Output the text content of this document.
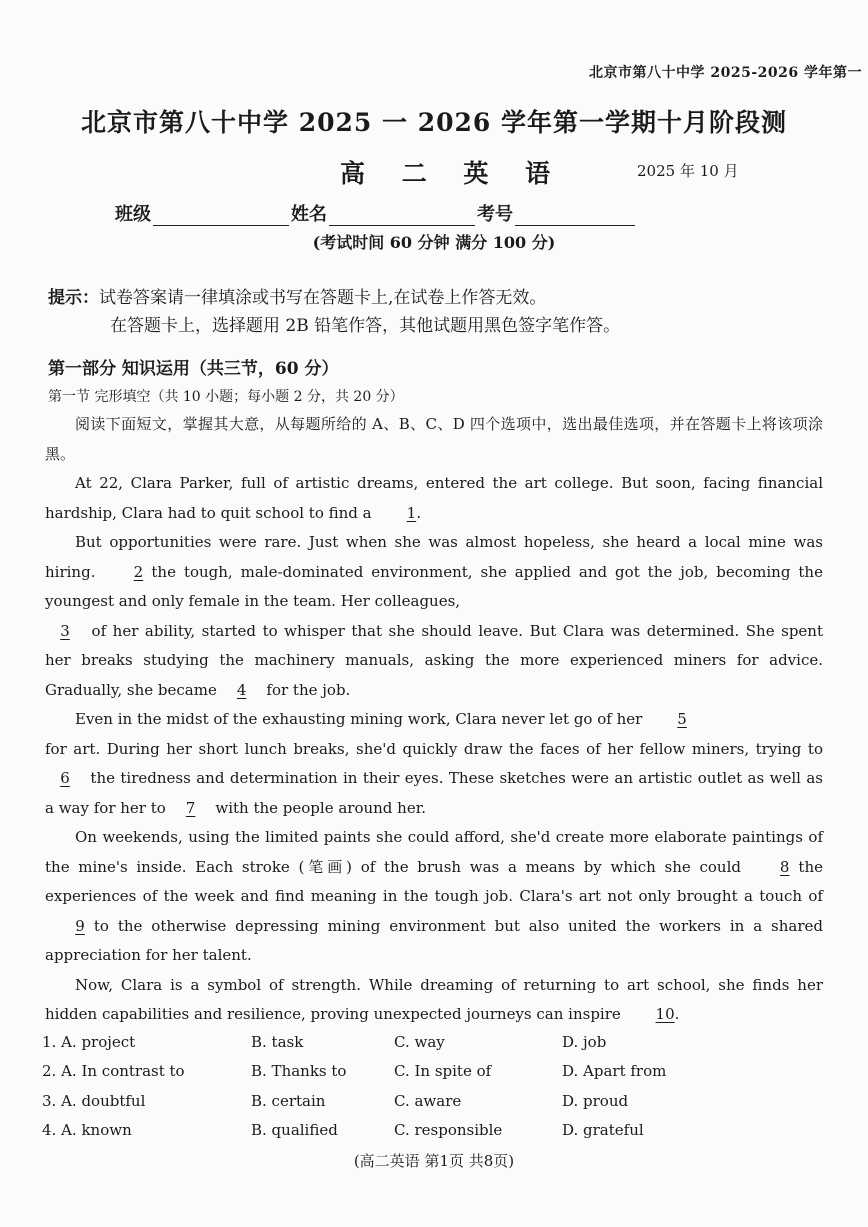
北京市第八十中学 2025-2026 学年第一
北京市第八十中学 2025 一 2026 学年第一学期十月阶段测
高 二 英 语	2025 年 10 月
班级	姓名	考号
(考试时间 60 分钟 满分 100 分)
提示：试卷答案请一律填涂或书写在答题卡上,在试卷上作答无效。
在答题卡上，选择题用 2B 铅笔作答，其他试题用黑色签字笔作答。
第一部分 知识运用（共三节，60 分）
第一节 完形填空（共 10 小题；每小题 2 分，共 20 分）

阅读下面短文，掌握其大意，从每题所给的 A、B、C、D 四个选项中，选出最佳选项，并在答题卡上将该项涂黑。

At 22, Clara Parker, full of artistic dreams, entered the art college. But soon, facing financial hardship, Clara had to quit school to find a 1.

But opportunities were rare. Just when she was almost hopeless, she heard a local mine was hiring.	2 the tough, male-dominated environment, she applied and got the job, becoming the youngest and only female in the team. Her colleagues,

3 of her ability, started to whisper that she should leave. But Clara was determined. She spent her breaks studying the machinery manuals, asking the more experienced miners for advice. Gradually, she became 4 for the job.

Even in the midst of the exhausting mining work, Clara never let go of her 5

for art. During her short lunch breaks, she'd quickly draw the faces of her fellow miners, trying to 6 the tiredness and determination in their eyes. These sketches were an artistic outlet as well as a way for her to 7 with the people around her.

On weekends, using the limited paints she could afford, she'd create more elaborate paintings of the mine's inside. Each stroke (笔画) of the brush was a means by which she could	8 the experiences of the week and find meaning in the tough job. Clara's art not only brought a touch of 9 to the otherwise depressing mining environment but also united the workers in a shared appreciation for her talent.

Now, Clara is a symbol of strength. While dreaming of returning to art school, she finds her hidden capabilities and resilience, proving unexpected journeys can inspire 10.

1. A. project	B. task	C. way	D. job
2. A. In contrast to	B. Thanks to	C. In spite of	D. Apart from
3. A. doubtful	B. certain	C. aware	D. proud
4. A. known	B. qualified	C. responsible	D. grateful
(高二英语 第1页 共8页)
